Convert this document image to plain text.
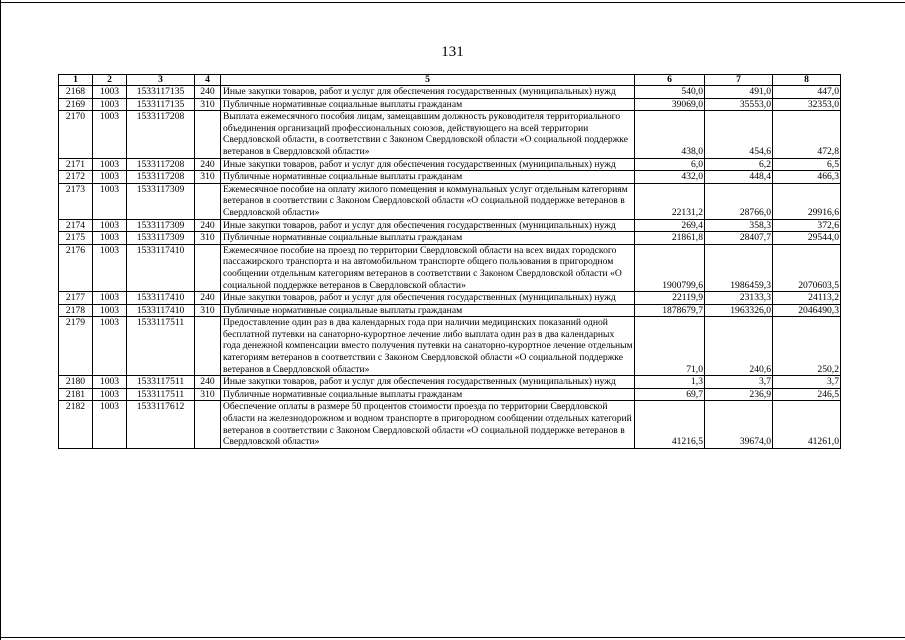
131
1	2	3	4	5	6	7	8
2168	1003	1533117135	240	Иные закупки товаров, работ и услуг для обеспечения государственных (муниципальных) нужд	540,0	491,0	447,0
2169	1003	1533117135	310	Публичные нормативные социальные выплаты гражданам	39069,0	35553,0	32353,0
2170	1003	1533117208		Выплата ежемесячного пособия лицам, замещавшим должность руководителя территориального объединения организаций профессиональных союзов, действующего на всей территории Свердловской области, в соответствии с Законом Свердловской области «О социальной поддержке ветеранов в Свердловской области»	438,0	454,6	472,8
2171	1003	1533117208	240	Иные закупки товаров, работ и услуг для обеспечения государственных (муниципальных) нужд	6,0	6,2	6,5
2172	1003	1533117208	310	Публичные нормативные социальные выплаты гражданам	432,0	448,4	466,3
2173	1003	1533117309		Ежемесячное пособие на оплату жилого помещения и коммунальных услуг отдельным категориям ветеранов в соответствии с Законом Свердловской области «О социальной поддержке ветеранов в Свердловской области»	22131,2	28766,0	29916,6
2174	1003	1533117309	240	Иные закупки товаров, работ и услуг для обеспечения государственных (муниципальных) нужд	269,4	358,3	372,6
2175	1003	1533117309	310	Публичные нормативные социальные выплаты гражданам	21861,8	28407,7	29544,0
2176	1003	1533117410		Ежемесячное пособие на проезд по территории Свердловской области на всех видах городского пассажирского транспорта и на автомобильном транспорте общего пользования в пригородном сообщении отдельным категориям ветеранов в соответствии с Законом Свердловской области «О социальной поддержке ветеранов в Свердловской области»	1900799,6	1986459,3	2070603,5
2177	1003	1533117410	240	Иные закупки товаров, работ и услуг для обеспечения государственных (муниципальных) нужд	22119,9	23133,3	24113,2
2178	1003	1533117410	310	Публичные нормативные социальные выплаты гражданам	1878679,7	1963326,0	2046490,3
2179	1003	1533117511		Предоставление один раз в два календарных года при наличии медицинских показаний одной бесплатной путевки на санаторно-курортное лечение либо выплата один раз в два календарных года денежной компенсации вместо получения путевки на санаторно-курортное лечение отдельным категориям ветеранов в соответствии с Законом Свердловской области «О социальной поддержке ветеранов в Свердловской области»	71,0	240,6	250,2
2180	1003	1533117511	240	Иные закупки товаров, работ и услуг для обеспечения государственных (муниципальных) нужд	1,3	3,7	3,7
2181	1003	1533117511	310	Публичные нормативные социальные выплаты гражданам	69,7	236,9	246,5
2182	1003	1533117612		Обеспечение оплаты в размере 50 процентов стоимости проезда по территории Свердловской области на железнодорожном и водном транспорте в пригородном сообщении отдельных категорий ветеранов в соответствии с Законом Свердловской области «О социальной поддержке ветеранов в Свердловской области»	41216,5	39674,0	41261,0
